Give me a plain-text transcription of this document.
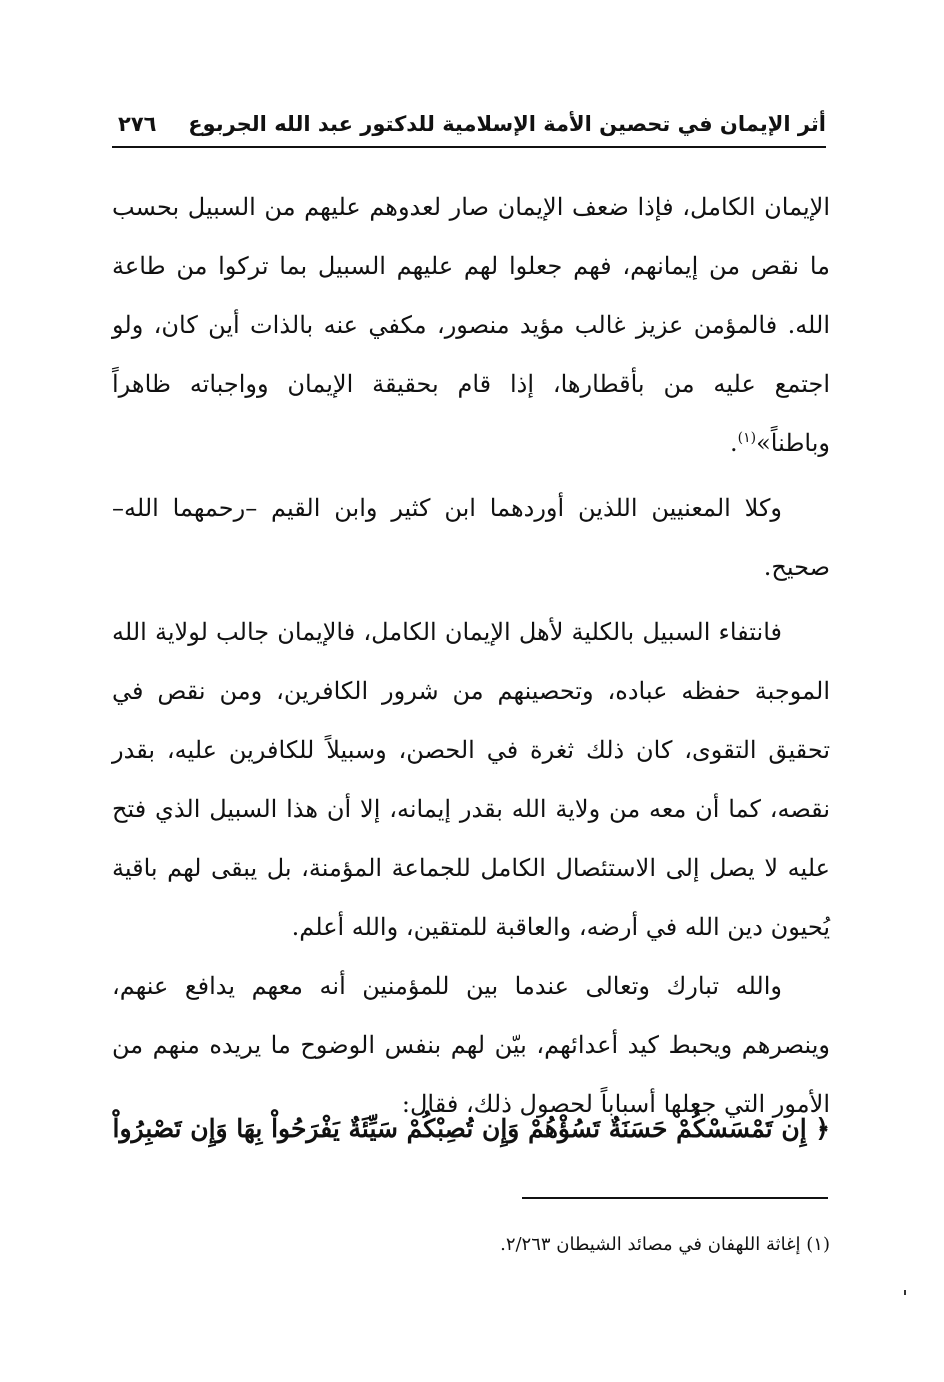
أثر الإيمان في تحصين الأمة الإسلامية للدكتور عبد الله الجربوع
٢٧٦

الإيمان الكامل، فإذا ضعف الإيمان صار لعدوهم عليهم من السبيل بحسب ما نقص من إيمانهم، فهم جعلوا لهم عليهم السبيل بما تركوا من طاعة الله. فالمؤمن عزيز غالب مؤيد منصور، مكفي عنه بالذات أين كان، ولو اجتمع عليه من بأقطارها، إذا قام بحقيقة الإيمان وواجباته ظاهراً وباطناً»$^{(١)}$.

وكلا المعنيين اللذين أوردهما ابن كثير وابن القيم –رحمهما الله– صحيح.

فانتفاء السبيل بالكلية لأهل الإيمان الكامل، فالإيمان جالب لولاية الله الموجبة حفظه عباده، وتحصينهم من شرور الكافرين، ومن نقص في تحقيق التقوى، كان ذلك ثغرة في الحصن، وسبيلاً للكافرين عليه، بقدر نقصه، كما أن معه من ولاية الله بقدر إيمانه، إلا أن هذا السبيل الذي فتح عليه لا يصل إلى الاستئصال الكامل للجماعة المؤمنة، بل يبقى لهم باقية يُحيون دين الله في أرضه، والعاقبة للمتقين، والله أعلم.

والله تبارك وتعالى عندما بين للمؤمنين أنه معهم يدافع عنهم، وينصرهم ويحبط كيد أعدائهم، بيّن لهم بنفس الوضوح ما يريده منهم من الأمور التي جعلها أسباباً لحصول ذلك، فقال:

﴿ إِن تَمْسَسْكُمْ حَسَنَةٌ تَسُؤْهُمْ وَإِن تُصِبْكُمْ سَيِّئَةٌ يَفْرَحُواْ بِهَا وَإِن تَصْبِرُواْ
(١) إغاثة اللهفان في مصائد الشيطان ٢/٢٦٣.
